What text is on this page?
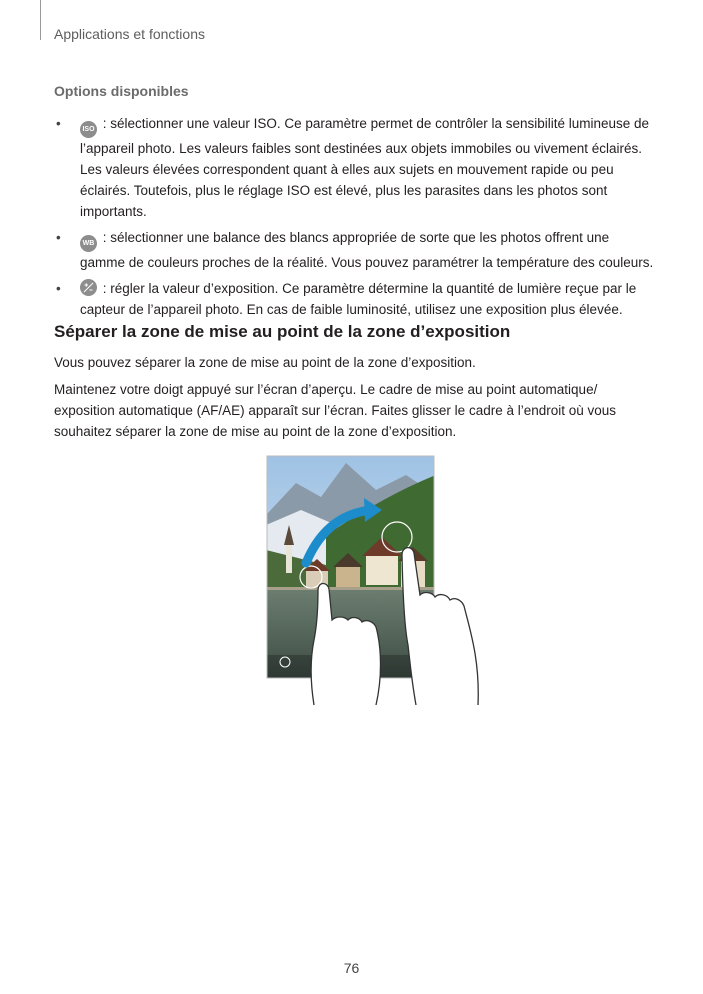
Applications et fonctions
Options disponibles
•	ISO : sélectionner une valeur ISO. Ce paramètre permet de contrôler la sensibilité lumineuse de l’appareil photo. Les valeurs faibles sont destinées aux objets immobiles ou vivement éclairés. Les valeurs élevées correspondent quant à elles aux sujets en mouvement rapide ou peu éclairés. Toutefois, plus le réglage ISO est élevé, plus les parasites dans les photos sont importants.
•	WB : sélectionner une balance des blancs appropriée de sorte que les photos offrent une gamme de couleurs proches de la réalité. Vous pouvez paramétrer la température des couleurs.
•	: régler la valeur d’exposition. Ce paramètre détermine la quantité de lumière reçue par le capteur de l’appareil photo. En cas de faible luminosité, utilisez une exposition plus élevée.
Séparer la zone de mise au point de la zone d’exposition

Vous pouvez séparer la zone de mise au point de la zone d’exposition.

Maintenez votre doigt appuyé sur l’écran d’aperçu. Le cadre de mise au point automatique/ exposition automatique (AF/AE) apparaît sur l’écran. Faites glisser le cadre à l’endroit où vous souhaitez séparer la zone de mise au point de la zone d’exposition.

76
